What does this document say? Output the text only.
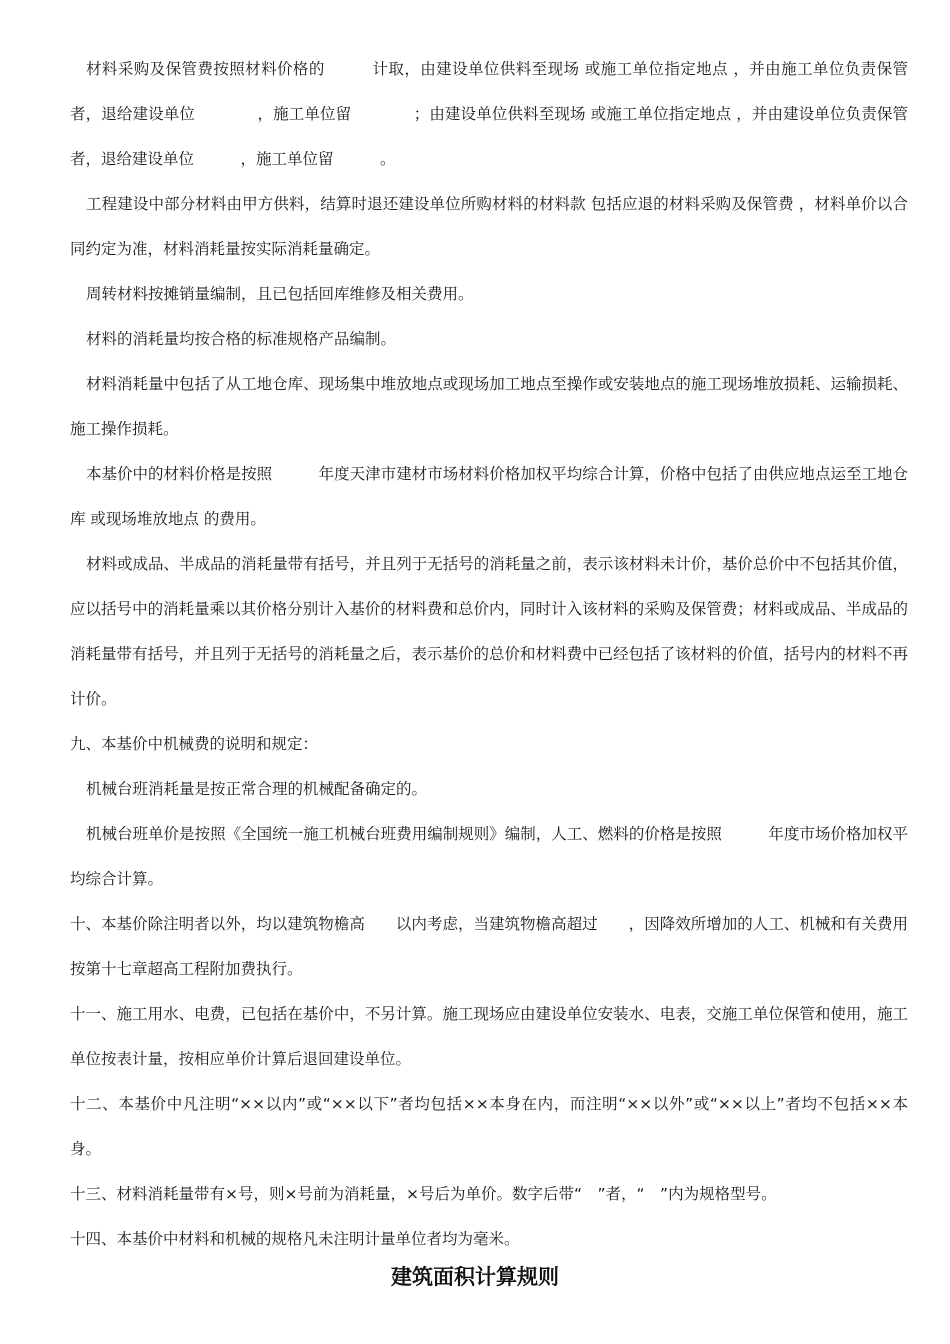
材料采购及保管费按照材料价格的　　　计取，由建设单位供料至现场 或施工单位指定地点 ，并由施工单位负责保管者，退给建设单位　　　　，施工单位留　　　　；由建设单位供料至现场 或施工单位指定地点 ，并由建设单位负责保管者，退给建设单位　　　，施工单位留　　　。

工程建设中部分材料由甲方供料，结算时退还建设单位所购材料的材料款 包括应退的材料采购及保管费 ，材料单价以合同约定为准，材料消耗量按实际消耗量确定。

周转材料按摊销量编制，且已包括回库维修及相关费用。

材料的消耗量均按合格的标准规格产品编制。

材料消耗量中包括了从工地仓库、现场集中堆放地点或现场加工地点至操作或安装地点的施工现场堆放损耗、运输损耗、施工操作损耗。

本基价中的材料价格是按照　　　年度天津市建材市场材料价格加权平均综合计算，价格中包括了由供应地点运至工地仓库 或现场堆放地点 的费用。

材料或成品、半成品的消耗量带有括号，并且列于无括号的消耗量之前，表示该材料未计价，基价总价中不包括其价值，应以括号中的消耗量乘以其价格分别计入基价的材料费和总价内，同时计入该材料的采购及保管费；材料或成品、半成品的消耗量带有括号，并且列于无括号的消耗量之后，表示基价的总价和材料费中已经包括了该材料的价值，括号内的材料不再计价。

九、本基价中机械费的说明和规定：

机械台班消耗量是按正常合理的机械配备确定的。

机械台班单价是按照《全国统一施工机械台班费用编制规则》编制，人工、燃料的价格是按照　　　年度市场价格加权平均综合计算。

十、本基价除注明者以外，均以建筑物檐高　　以内考虑，当建筑物檐高超过　　，因降效所增加的人工、机械和有关费用按第十七章超高工程附加费执行。

十一、施工用水、电费，已包括在基价中，不另计算。施工现场应由建设单位安装水、电表，交施工单位保管和使用，施工单位按表计量，按相应单价计算后退回建设单位。

十二、本基价中凡注明“××以内”或“××以下”者均包括××本身在内，而注明“××以外”或“××以上”者均不包括××本身。

十三、材料消耗量带有×号，则×号前为消耗量，×号后为单价。数字后带“　”者，“　”内为规格型号。

十四、本基价中材料和机械的规格凡未注明计量单位者均为毫米。

建筑面积计算规则
